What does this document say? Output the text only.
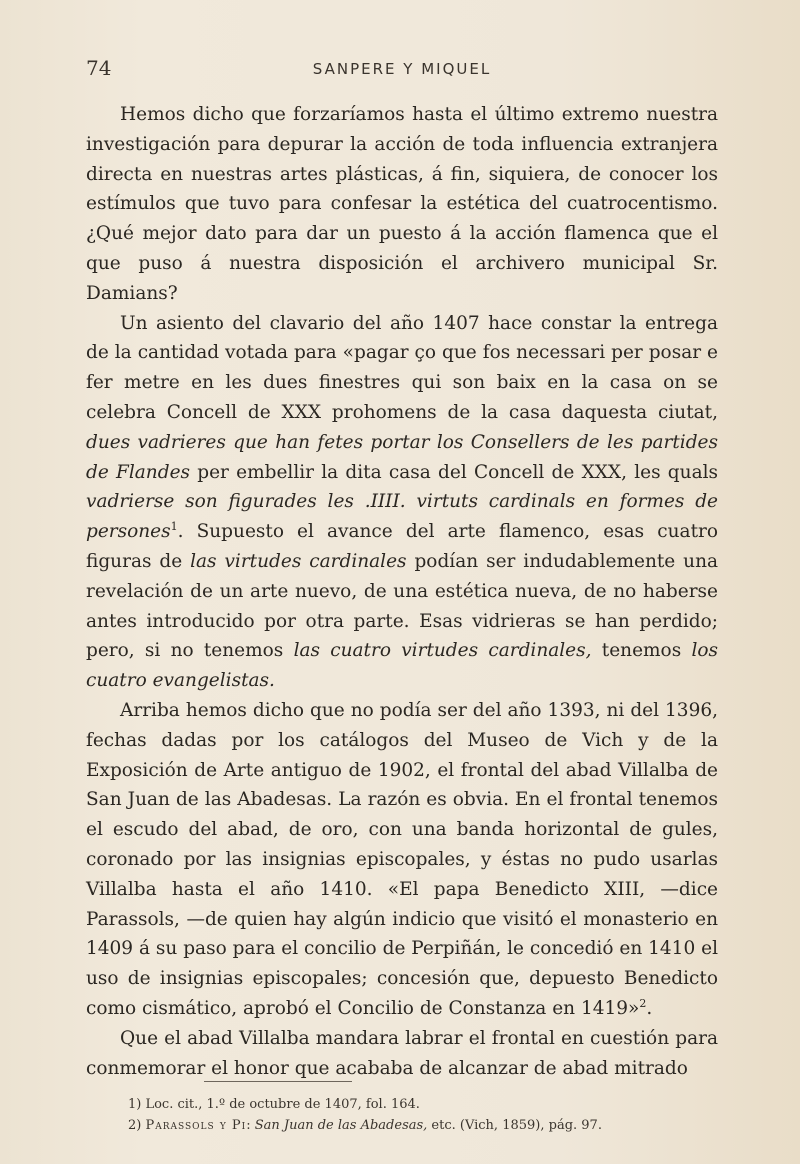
74	SANPERE Y MIQUEL

Hemos dicho que forzaríamos hasta el último extremo nuestra investigación para depurar la acción de toda influencia extranjera directa en nuestras artes plásticas, á fin, siquiera, de conocer los estímulos que tuvo para confesar la estética del cuatrocentismo. ¿Qué mejor dato para dar un puesto á la acción flamenca que el que puso á nuestra disposición el archivero municipal Sr. Damians?

Un asiento del clavario del año 1407 hace constar la entrega de la cantidad votada para «pagar ço que fos necessari per posar e fer metre en les dues finestres qui son baix en la casa on se celebra Concell de XXX prohomens de la casa daquesta ciutat, dues vadrieres que han fetes portar los Consellers de les partides de Flandes per embellir la dita casa del Concell de XXX, les quals vadrierse son figurades les .IIII. virtuts cardinals en formes de persones$^1$. Supuesto el avance del arte flamenco, esas cuatro figuras de las virtudes cardinales podían ser indudablemente una revelación de un arte nuevo, de una estética nueva, de no haberse antes introducido por otra parte. Esas vidrieras se han perdido; pero, si no tenemos las cuatro virtudes cardinales, tenemos los cuatro evangelistas.

Arriba hemos dicho que no podía ser del año 1393, ni del 1396, fechas dadas por los catálogos del Museo de Vich y de la Exposición de Arte antiguo de 1902, el frontal del abad Villalba de San Juan de las Abadesas. La razón es obvia. En el frontal tenemos el escudo del abad, de oro, con una banda horizontal de gules, coronado por las insignias episcopales, y éstas no pudo usarlas Villalba hasta el año 1410. «El papa Benedicto XIII, —dice Parassols, —de quien hay algún indicio que visitó el monasterio en 1409 á su paso para el concilio de Perpiñán, le concedió en 1410 el uso de insignias episcopales; concesión que, depuesto Benedicto como cismático, aprobó el Concilio de Constanza en 1419»$^2$.

Que el abad Villalba mandara labrar el frontal en cuestión para conmemorar el honor que acababa de alcanzar de abad mitrado

1) Loc. cit., 1.º de octubre de 1407, fol. 164.
2) Parassols y Pi: San Juan de las Abadesas, etc. (Vich, 1859), pág. 97.
